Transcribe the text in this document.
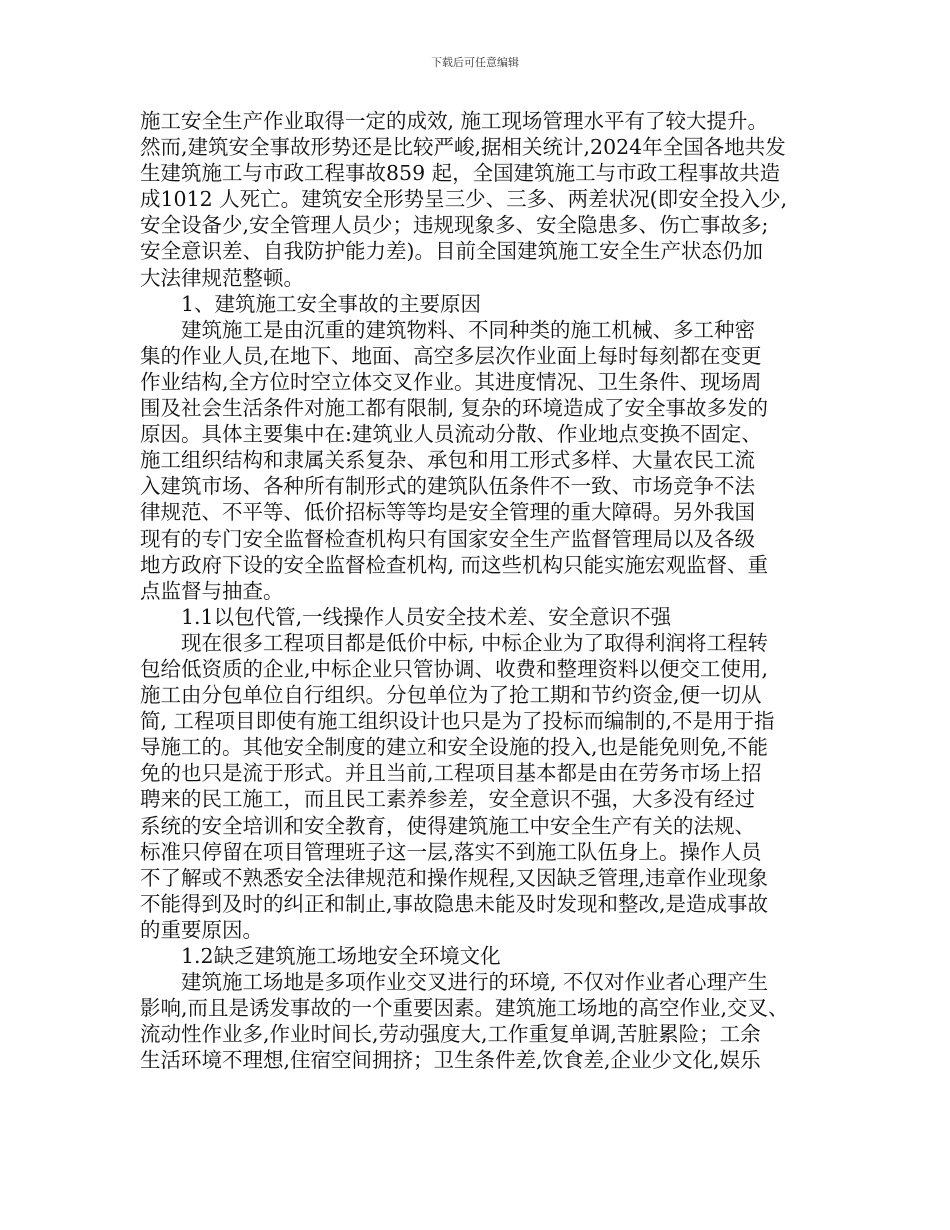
下载后可任意编辑
施工安全生产作业取得一定的成效, 施工现场管理水平有了较大提升。
然而,建筑安全事故形势还是比较严峻,据相关统计,2024年全国各地共发
生建筑施工与市政工程事故859 起，全国建筑施工与市政工程事故共造
成1012 人死亡。建筑安全形势呈三少、三多、两差状况(即安全投入少,
安全设备少,安全管理人员少；违规现象多、安全隐患多、伤亡事故多;
安全意识差、自我防护能力差)。目前全国建筑施工安全生产状态仍加
大法律规范整顿。
1、建筑施工安全事故的主要原因
建筑施工是由沉重的建筑物料、不同种类的施工机械、多工种密
集的作业人员,在地下、地面、高空多层次作业面上每时每刻都在变更
作业结构,全方位时空立体交叉作业。其进度情况、卫生条件、现场周
围及社会生活条件对施工都有限制, 复杂的环境造成了安全事故多发的
原因。具体主要集中在:建筑业人员流动分散、作业地点变换不固定、
施工组织结构和隶属关系复杂、承包和用工形式多样、大量农民工流
入建筑市场、各种所有制形式的建筑队伍条件不一致、市场竞争不法
律规范、不平等、低价招标等等均是安全管理的重大障碍。另外我国
现有的专门安全监督检查机构只有国家安全生产监督管理局以及各级
地方政府下设的安全监督检查机构, 而这些机构只能实施宏观监督、重
点监督与抽查。
1.1以包代管,一线操作人员安全技术差、安全意识不强
现在很多工程项目都是低价中标, 中标企业为了取得利润将工程转
包给低资质的企业,中标企业只管协调、收费和整理资料以便交工使用,
施工由分包单位自行组织。分包单位为了抢工期和节约资金,便一切从
简, 工程项目即使有施工组织设计也只是为了投标而编制的,不是用于指
导施工的。其他安全制度的建立和安全设施的投入,也是能免则免,不能
免的也只是流于形式。并且当前,工程项目基本都是由在劳务市场上招
聘来的民工施工，而且民工素养参差，安全意识不强，大多没有经过
系统的安全培训和安全教育，使得建筑施工中安全生产有关的法规、
标准只停留在项目管理班子这一层,落实不到施工队伍身上。操作人员
不了解或不熟悉安全法律规范和操作规程,又因缺乏管理,违章作业现象
不能得到及时的纠正和制止,事故隐患未能及时发现和整改,是造成事故
的重要原因。
1.2缺乏建筑施工场地安全环境文化
建筑施工场地是多项作业交叉进行的环境, 不仅对作业者心理产生
影响,而且是诱发事故的一个重要因素。建筑施工场地的高空作业,交叉、
流动性作业多,作业时间长,劳动强度大,工作重复单调,苦脏累险；工余
生活环境不理想,住宿空间拥挤；卫生条件差,饮食差,企业少文化,娱乐
